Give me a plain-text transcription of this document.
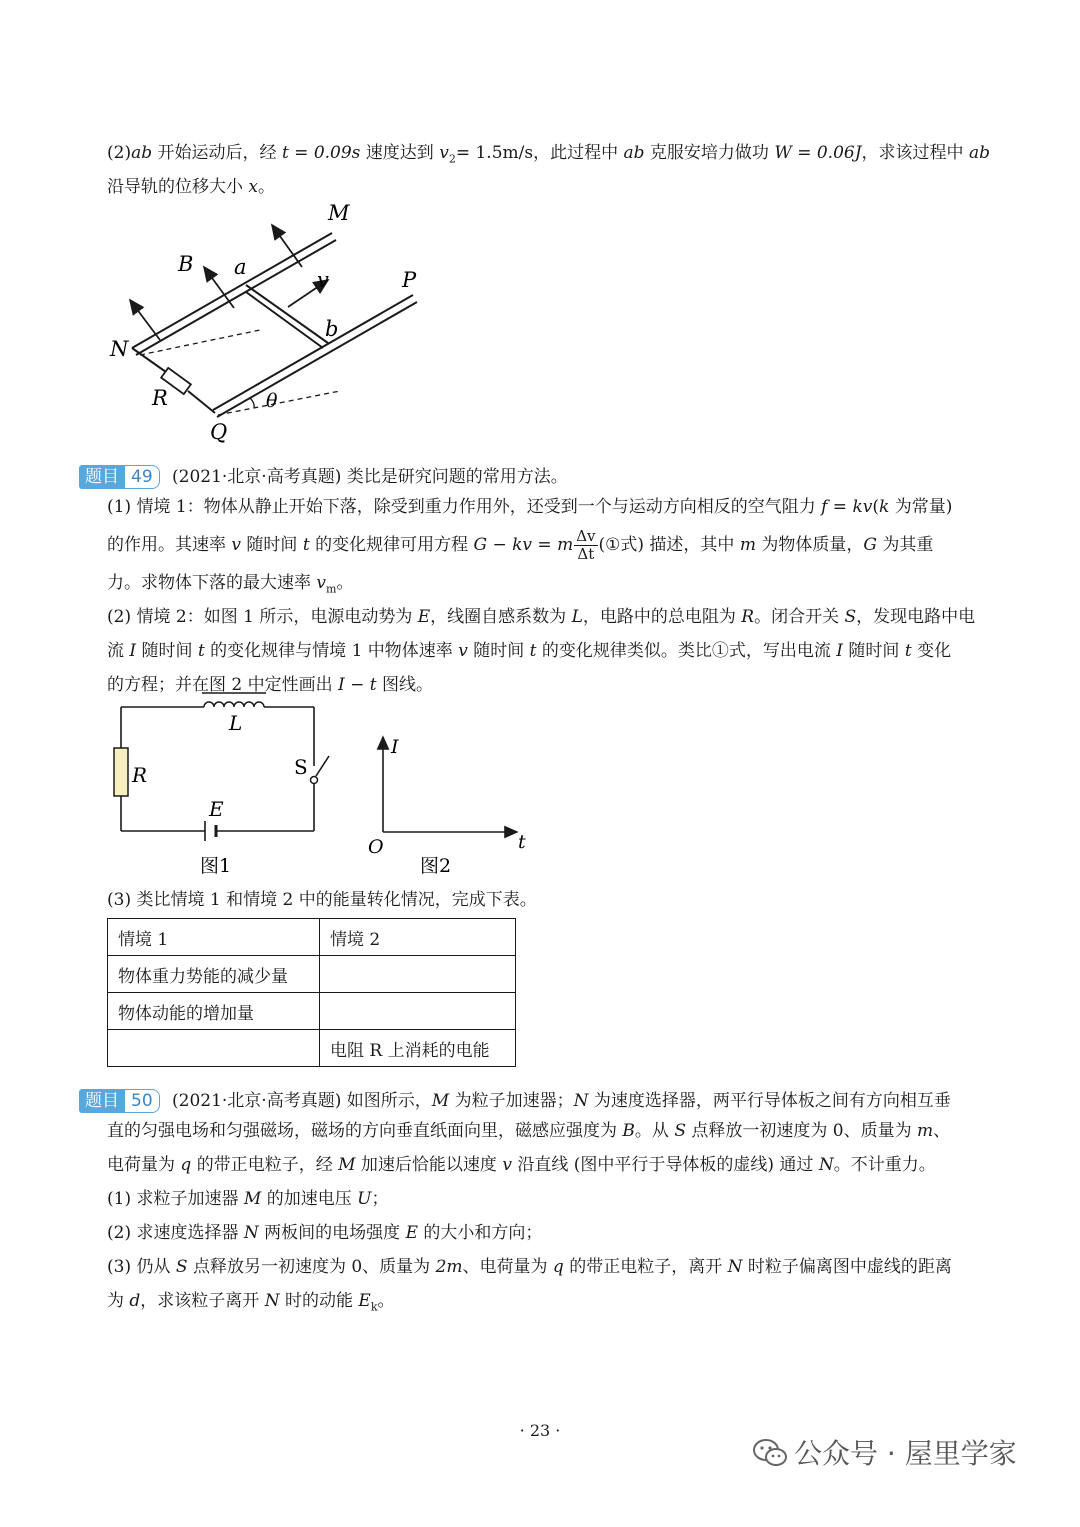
(2)ab 开始运动后，经 t = 0.09s 速度达到 $v_2= 1.5m/s$，此过程中 ab 克服安培力做功 W = 0.06J，求该过程中 ab
沿导轨的位移大小 x。
M
B a
v	P
N
b
R	θ
Q
题目 49	(2021·北京·高考真题) 类比是研究问题的常用方法。
(1) 情境 1：物体从静止开始下落，除受到重力作用外，还受到一个与运动方向相反的空气阻力 f = kv(k 为常量)
的作用。其速率 v 随时间 t 的变化规律可用方程 G − kv = m $\frac{\Delta v}{\Delta t}$ (①式) 描述，其中 m 为物体质量，G 为其重
力。求物体下落的最大速率 $v_m$。
(2) 情境 2：如图 1 所示，电源电动势为 E，线圈自感系数为 L，电路中的总电阻为 R。闭合开关 S，发现电路中电
流 I 随时间 t 的变化规律与情境 1 中物体速率 v 随时间 t 的变化规律类似。类比①式，写出电流 I 随时间 t 变化
的方程；并在图 2 中定性画出 I − t 图线。
L
R	S
E
图1
I
O	t
图2
(3) 类比情境 1 和情境 2 中的能量转化情况，完成下表。
情境 1	情境 2
物体重力势能的减少量	
物体动能的增加量	
	电阻 R 上消耗的电能
题目 50	(2021·北京·高考真题) 如图所示，M 为粒子加速器；N 为速度选择器，两平行导体板之间有方向相互垂
直的匀强电场和匀强磁场，磁场的方向垂直纸面向里，磁感应强度为 B。从 S 点释放一初速度为 0、质量为 m、
电荷量为 q 的带正电粒子，经 M 加速后恰能以速度 v 沿直线 (图中平行于导体板的虚线) 通过 N。不计重力。
(1) 求粒子加速器 M 的加速电压 U；
(2) 求速度选择器 N 两板间的电场强度 E 的大小和方向；
(3) 仍从 S 点释放另一初速度为 0、质量为 2m、电荷量为 q 的带正电粒子，离开 N 时粒子偏离图中虚线的距离
为 d，求该粒子离开 N 时的动能 $E_k$。
· 23 ·
公众号 · 屋里学家
